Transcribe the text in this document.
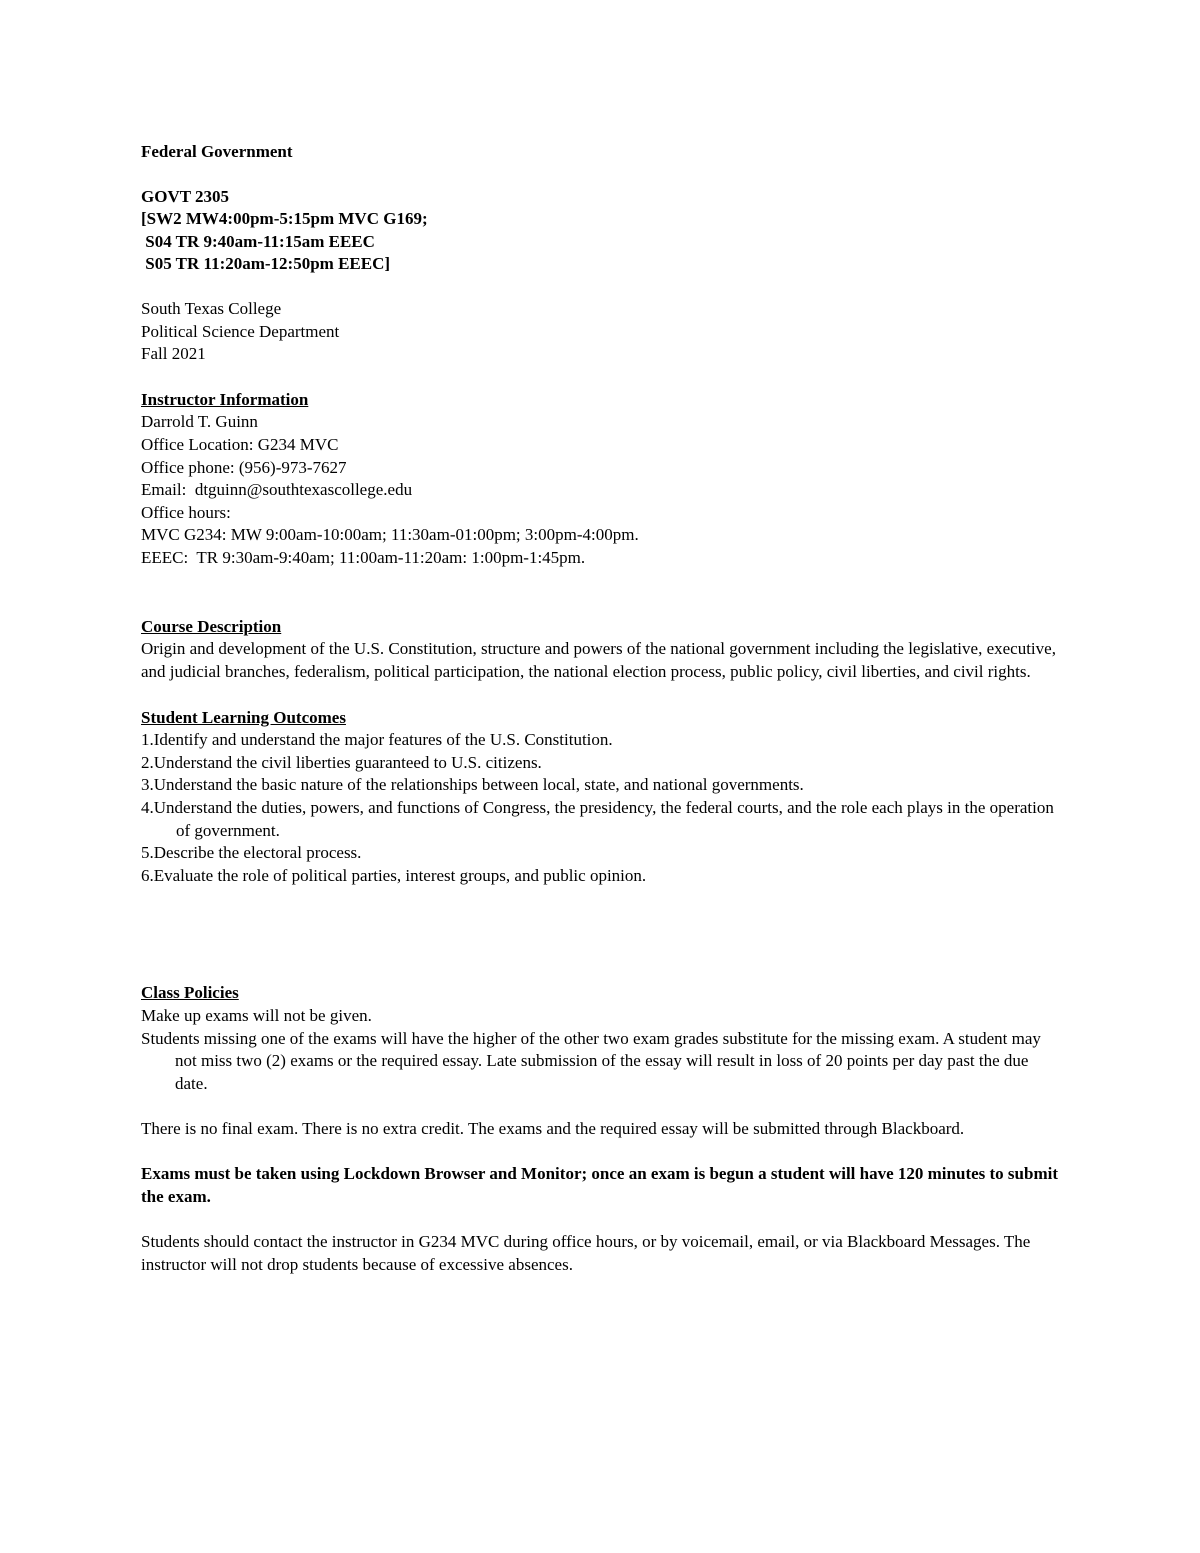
Federal Government
GOVT 2305
[SW2 MW4:00pm-5:15pm MVC G169;
S04 TR 9:40am-11:15am EEEC
S05 TR 11:20am-12:50pm EEEC]
South Texas College
Political Science Department
Fall 2021
Instructor Information
Darrold T. Guinn
Office Location: G234 MVC
Office phone: (956)-973-7627
Email:  dtguinn@southtexascollege.edu
Office hours:
MVC G234: MW 9:00am-10:00am; 11:30am-01:00pm; 3:00pm-4:00pm.
EEEC:  TR 9:30am-9:40am; 11:00am-11:20am: 1:00pm-1:45pm.
Course Description
Origin and development of the U.S. Constitution, structure and powers of the national government including the legislative, executive, and judicial branches, federalism, political participation, the national election process, public policy, civil liberties, and civil rights.
Student Learning Outcomes
1.Identify and understand the major features of the U.S. Constitution.
2.Understand the civil liberties guaranteed to U.S. citizens.
3.Understand the basic nature of the relationships between local, state, and national governments.
4.Understand the duties, powers, and functions of Congress, the presidency, the federal courts, and the role each plays in the operation of government.
5.Describe the electoral process.
6.Evaluate the role of political parties, interest groups, and public opinion.
Class Policies
Make up exams will not be given.
Students missing one of the exams will have the higher of the other two exam grades substitute for the missing exam. A student may not miss two (2) exams or the required essay. Late submission of the essay will result in loss of 20 points per day past the due date.
There is no final exam. There is no extra credit. The exams and the required essay will be submitted through Blackboard.
Exams must be taken using Lockdown Browser and Monitor; once an exam is begun a student will have 120 minutes to submit the exam.
Students should contact the instructor in G234 MVC during office hours, or by voicemail, email, or via Blackboard Messages. The instructor will not drop students because of excessive absences.
